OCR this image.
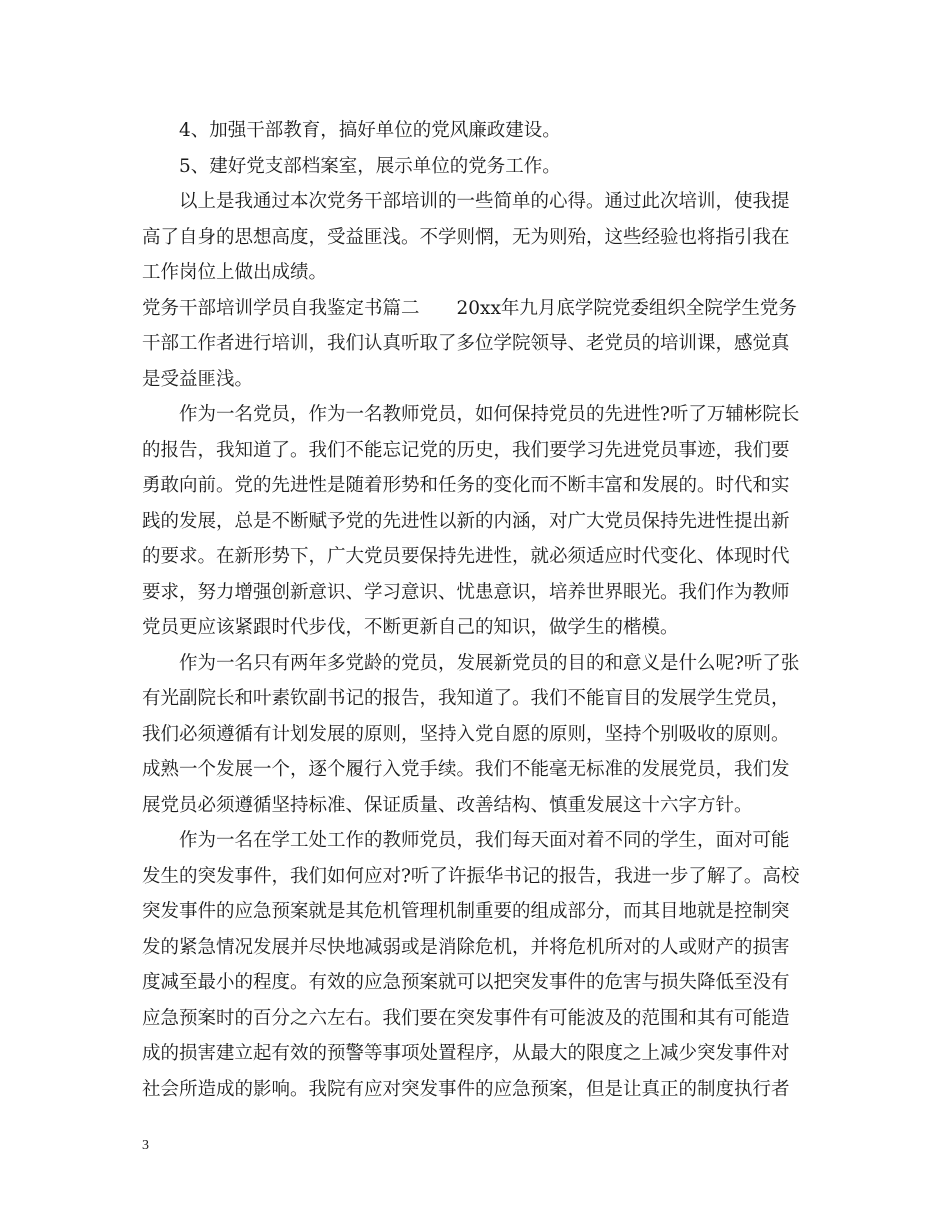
4、加强干部教育，搞好单位的党风廉政建设。
5、建好党支部档案室，展示单位的党务工作。
以上是我通过本次党务干部培训的一些简单的心得。通过此次培训，使我提
高了自身的思想高度，受益匪浅。不学则惘，无为则殆，这些经验也将指引我在
工作岗位上做出成绩。
党务干部培训学员自我鉴定书篇二　　20xx年九月底学院党委组织全院学生党务
干部工作者进行培训，我们认真听取了多位学院领导、老党员的培训课，感觉真
是受益匪浅。
作为一名党员，作为一名教师党员，如何保持党员的先进性?听了万辅彬院长
的报告，我知道了。我们不能忘记党的历史，我们要学习先进党员事迹，我们要
勇敢向前。党的先进性是随着形势和任务的变化而不断丰富和发展的。时代和实
践的发展，总是不断赋予党的先进性以新的内涵，对广大党员保持先进性提出新
的要求。在新形势下，广大党员要保持先进性，就必须适应时代变化、体现时代
要求，努力增强创新意识、学习意识、忧患意识，培养世界眼光。我们作为教师
党员更应该紧跟时代步伐，不断更新自己的知识，做学生的楷模。
作为一名只有两年多党龄的党员，发展新党员的目的和意义是什么呢?听了张
有光副院长和叶素钦副书记的报告，我知道了。我们不能盲目的发展学生党员，
我们必须遵循有计划发展的原则，坚持入党自愿的原则，坚持个别吸收的原则。
成熟一个发展一个，逐个履行入党手续。我们不能毫无标准的发展党员，我们发
展党员必须遵循坚持标准、保证质量、改善结构、慎重发展这十六字方针。
作为一名在学工处工作的教师党员，我们每天面对着不同的学生，面对可能
发生的突发事件，我们如何应对?听了许振华书记的报告，我进一步了解了。高校
突发事件的应急预案就是其危机管理机制重要的组成部分，而其目地就是控制突
发的紧急情况发展并尽快地减弱或是消除危机，并将危机所对的人或财产的损害
度减至最小的程度。有效的应急预案就可以把突发事件的危害与损失降低至没有
应急预案时的百分之六左右。我们要在突发事件有可能波及的范围和其有可能造
成的损害建立起有效的预警等事项处置程序，从最大的限度之上减少突发事件对
社会所造成的影响。我院有应对突发事件的应急预案，但是让真正的制度执行者
3
